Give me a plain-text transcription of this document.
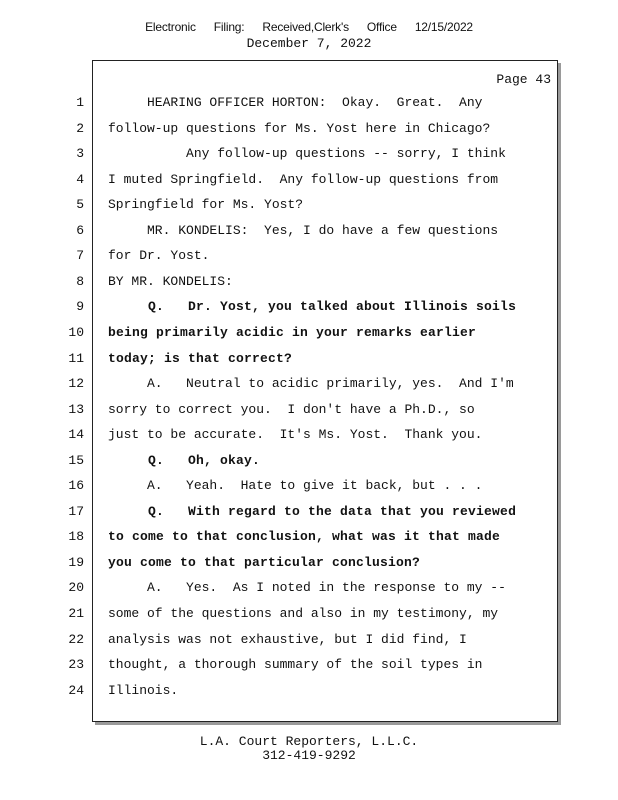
Electronic Filing: Received,Clerk's Office 12/15/2022
December 7, 2022
Page 43
1 HEARING OFFICER HORTON:  Okay.  Great.  Any
2 follow-up questions for Ms. Yost here in Chicago?
3 Any follow-up questions -- sorry, I think
4 I muted Springfield.  Any follow-up questions from
5 Springfield for Ms. Yost?
6 MR. KONDELIS:  Yes, I do have a few questions
7 for Dr. Yost.
8 BY MR. KONDELIS:
9 Q.   Dr. Yost, you talked about Illinois soils
10 being primarily acidic in your remarks earlier
11 today; is that correct?
12 A.   Neutral to acidic primarily, yes.  And I'm
13 sorry to correct you.  I don't have a Ph.D., so
14 just to be accurate.  It's Ms. Yost.  Thank you.
15 Q.   Oh, okay.
16 A.   Yeah.  Hate to give it back, but . . .
17 Q.   With regard to the data that you reviewed
18 to come to that conclusion, what was it that made
19 you come to that particular conclusion?
20 A.   Yes.  As I noted in the response to my --
21 some of the questions and also in my testimony, my
22 analysis was not exhaustive, but I did find, I
23 thought, a thorough summary of the soil types in
24 Illinois.
L.A. Court Reporters, L.L.C.
312-419-9292
